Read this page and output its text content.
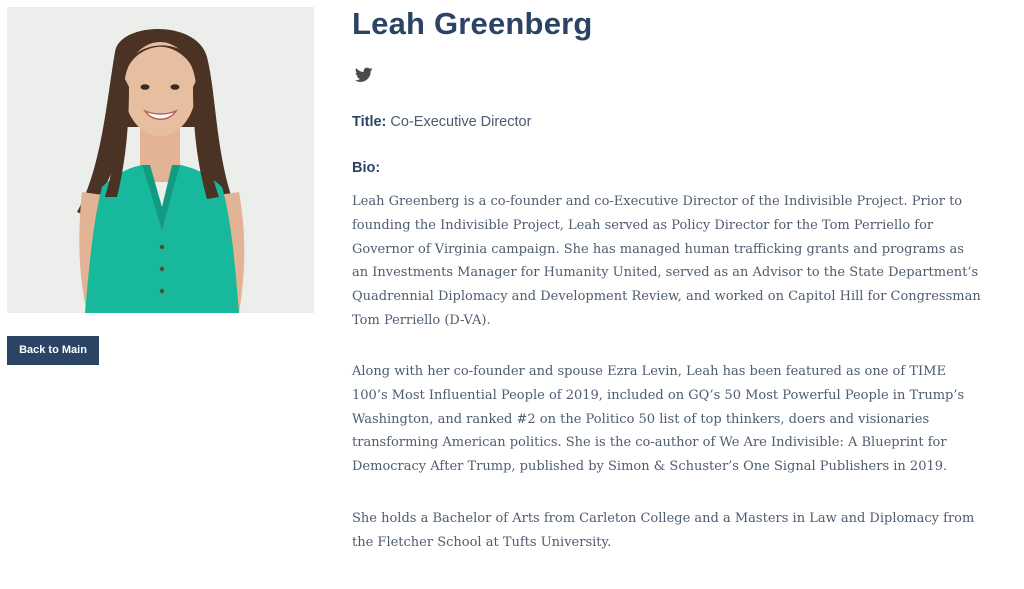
Back to Main
Leah Greenberg
Title: Co-Executive Director
Bio:

Leah Greenberg is a co-founder and co-Executive Director of the Indivisible Project. Prior to founding the Indivisible Project, Leah served as Policy Director for the Tom Perriello for Governor of Virginia campaign. She has managed human trafficking grants and programs as an Investments Manager for Humanity United, served as an Advisor to the State Department’s Quadrennial Diplomacy and Development Review, and worked on Capitol Hill for Congressman Tom Perriello (D-VA).

Along with her co-founder and spouse Ezra Levin, Leah has been featured as one of TIME 100’s Most Influential People of 2019, included on GQ’s 50 Most Powerful People in Trump’s Washington, and ranked #2 on the Politico 50 list of top thinkers, doers and visionaries transforming American politics. She is the co-author of We Are Indivisible: A Blueprint for Democracy After Trump, published by Simon & Schuster’s One Signal Publishers in 2019.

She holds a Bachelor of Arts from Carleton College and a Masters in Law and Diplomacy from the Fletcher School at Tufts University.
